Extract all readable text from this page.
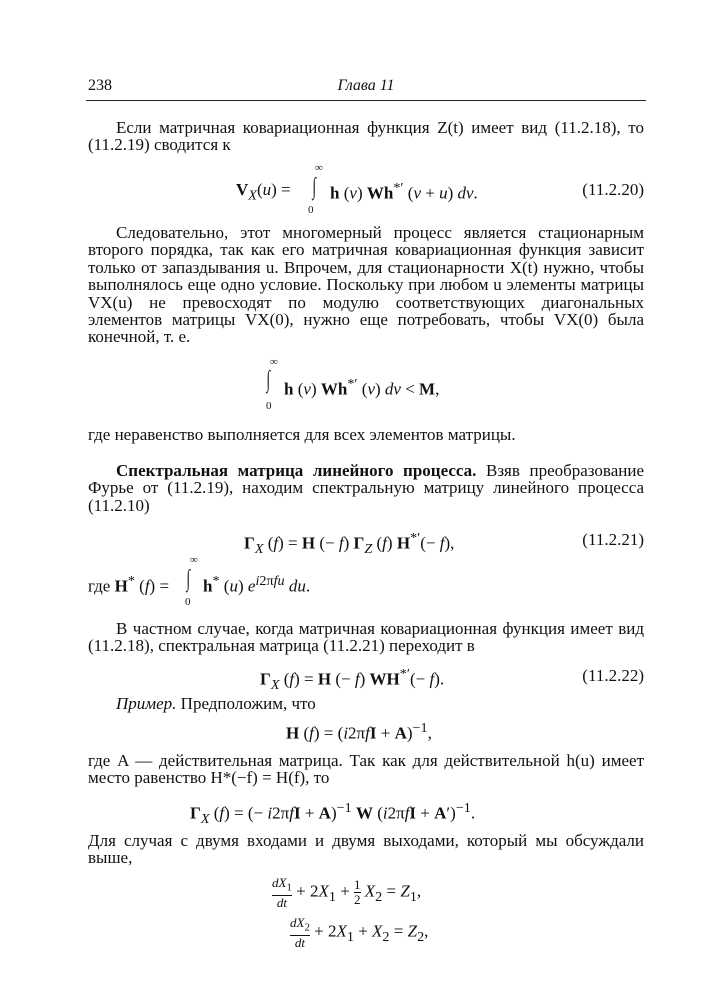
238	Глава 11
Если матричная ковариационная функция Z(t) имеет вид (11.2.18), то (11.2.19) сводится к
$V_X(u)$ = ∫
∞
0
h (v) Wh*′ (v + u) dv.	(11.2.20)
Следовательно, этот многомерный процесс является стационарным второго порядка, так как его матричная ковариационная функция зависит только от запаздывания u. Впрочем, для стационарности X(t) нужно, чтобы выполнялось еще одно условие. Поскольку при любом u элементы матрицы VX(u) не превосходят по модулю соответствующих диагональных элементов матрицы VX(0), нужно еще потребовать, чтобы VX(0) была конечной, т. е.
∫
∞
0
h (v) Wh*′ (v) dv < M,
где неравенство выполняется для всех элементов матрицы.
Спектральная матрица линейного процесса. Взяв преобразование Фурье от (11.2.19), находим спектральную матрицу линейного процесса (11.2.10)
$\Gamma_X$ (f) = H (− f) $\Gamma_Z$ (f) H*′(− f),	(11.2.21)
где H* (f) = ∫
∞
0
h* (u) $e^{i2\pi fu}$ du.
В частном случае, когда матричная ковариационная функция имеет вид (11.2.18), спектральная матрица (11.2.21) переходит в
$\Gamma_X$ (f) = H (− f) WH*′(− f).	(11.2.22)
Пример. Предположим, что
H $(f) = (i2\pi fI + A)^{-1}$,
где A — действительная матрица. Так как для действительной h(u) имеет место равенство H*(−f) = H(f), то
$\Gamma_X$ (f) = (− i2πfI + A)$^{-1}$ W $(i2\pi fI + A')^{-1}$.
Для случая с двумя входами и двумя выходами, который мы обсуждали выше,
$\frac{dX_1}{dt} + 2X_1 + \frac{1}{2} X_2 = Z_1$,
$\frac{dX_2}{dt} + 2X_1 + X_2 = Z_2$,
